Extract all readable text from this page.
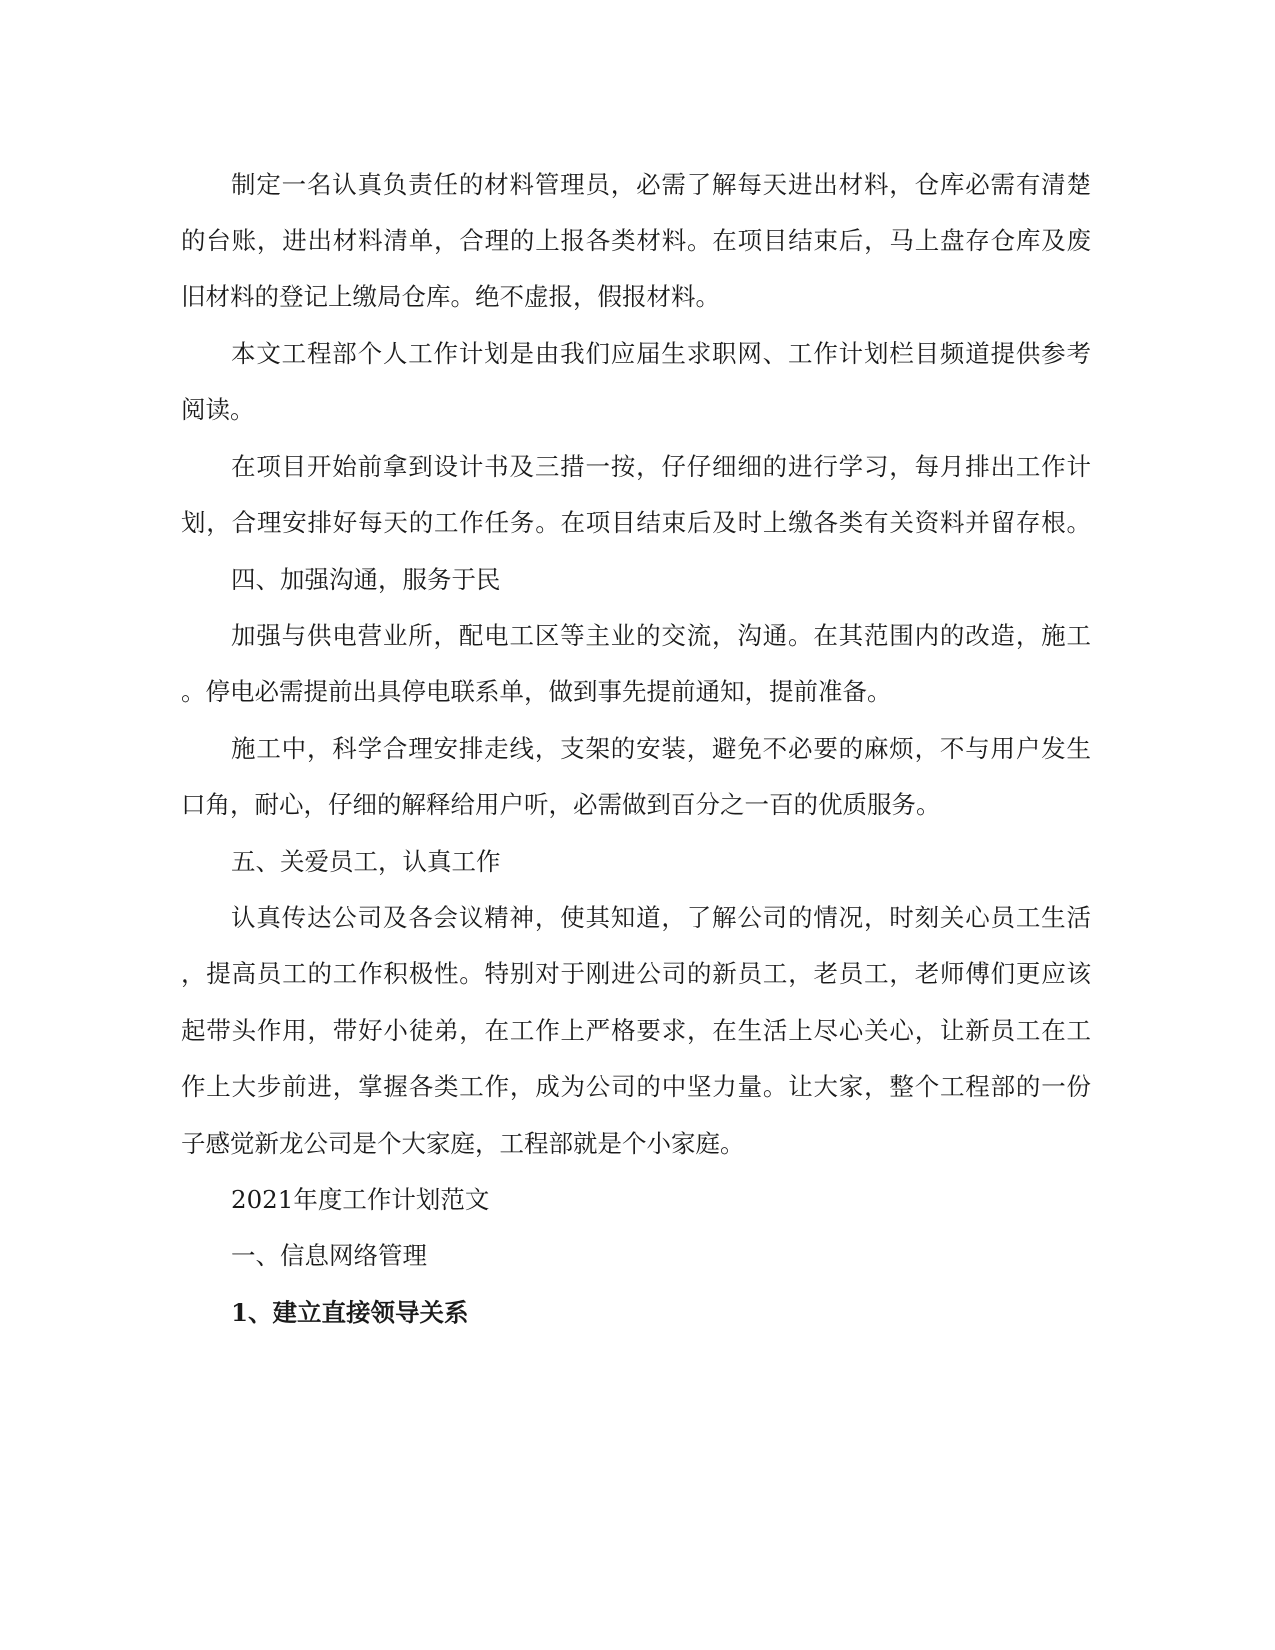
制定一名认真负责任的材料管理员，必需了解每天进出材料，仓库必需有清楚
的台账，进出材料清单，合理的上报各类材料。在项目结束后，马上盘存仓库及废
旧材料的登记上缴局仓库。绝不虚报，假报材料。
本文工程部个人工作计划是由我们应届生求职网、工作计划栏目频道提供参考
阅读。
在项目开始前拿到设计书及三措一按，仔仔细细的进行学习，每月排出工作计
划，合理安排好每天的工作任务。在项目结束后及时上缴各类有关资料并留存根。
四、加强沟通，服务于民
加强与供电营业所，配电工区等主业的交流，沟通。在其范围内的改造，施工
。停电必需提前出具停电联系单，做到事先提前通知，提前准备。
施工中，科学合理安排走线，支架的安装，避免不必要的麻烦，不与用户发生
口角，耐心，仔细的解释给用户听，必需做到百分之一百的优质服务。
五、关爱员工，认真工作
认真传达公司及各会议精神，使其知道，了解公司的情况，时刻关心员工生活
，提高员工的工作积极性。特别对于刚进公司的新员工，老员工，老师傅们更应该
起带头作用，带好小徒弟，在工作上严格要求，在生活上尽心关心，让新员工在工
作上大步前进，掌握各类工作，成为公司的中坚力量。让大家，整个工程部的一份
子感觉新龙公司是个大家庭，工程部就是个小家庭。
2021年度工作计划范文
一、信息网络管理
1、建立直接领导关系
